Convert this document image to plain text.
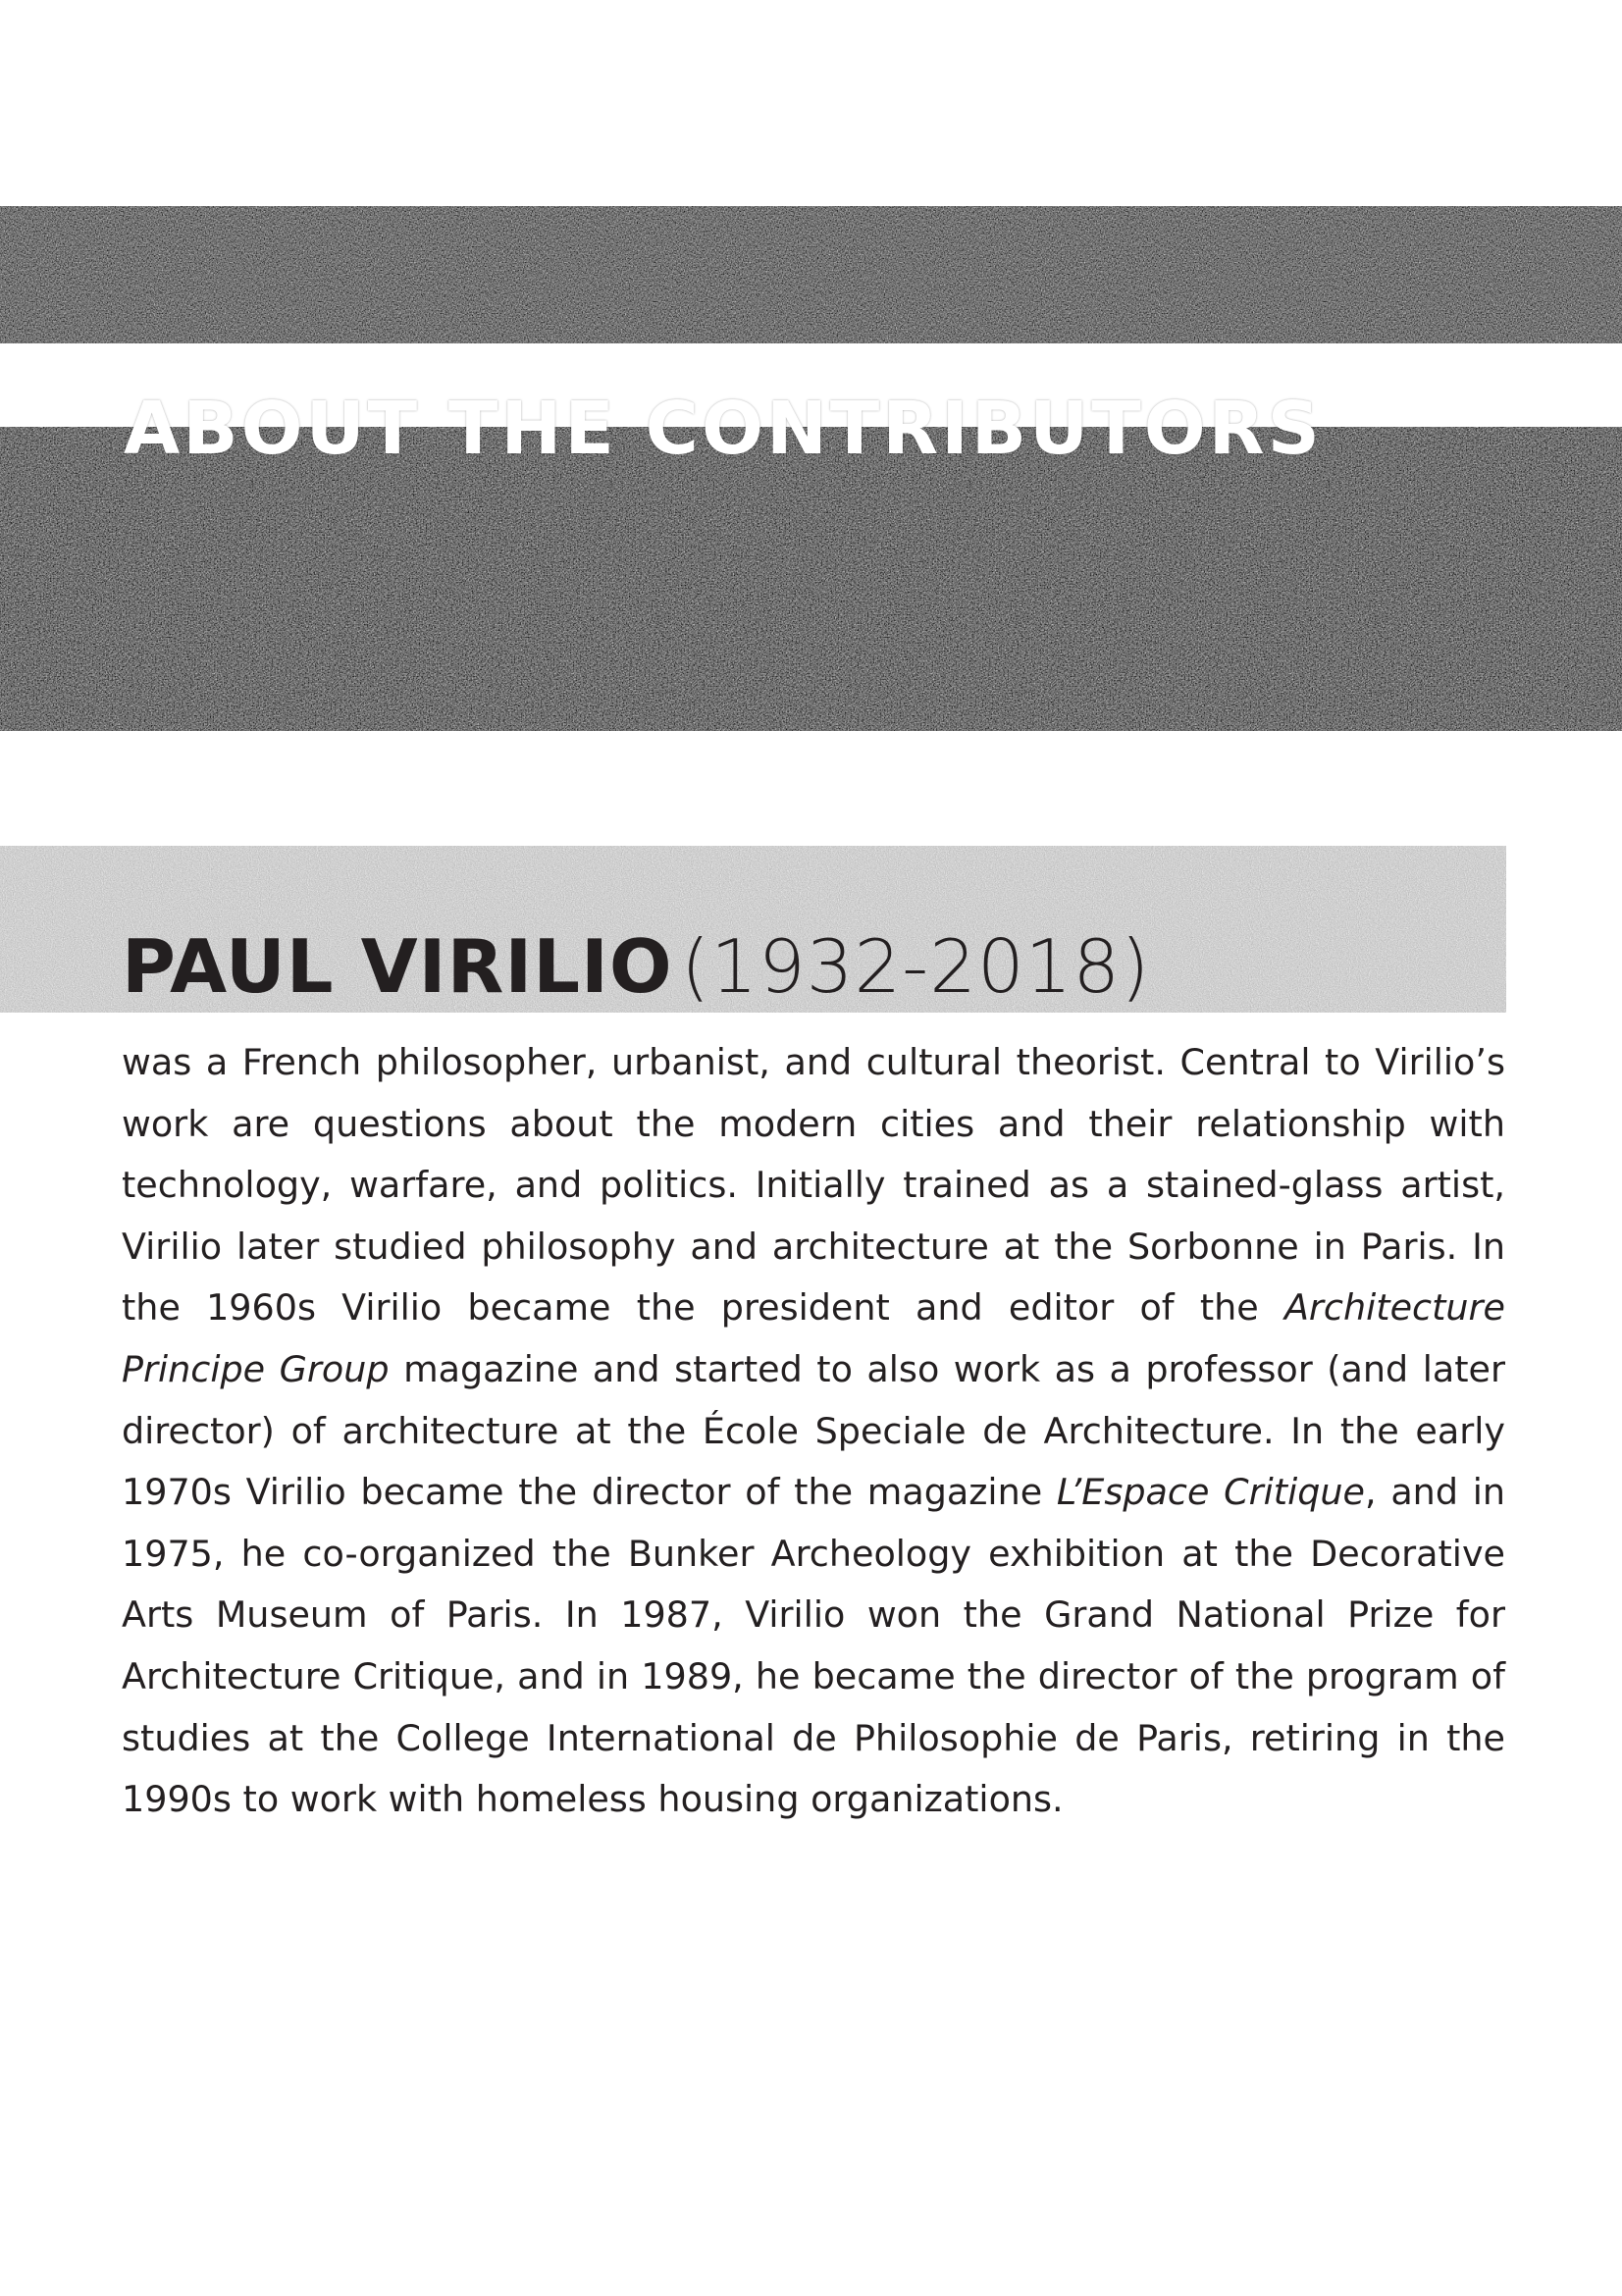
ABOUT THE CONTRIBUTORS
PAUL VIRILIO (1932-2018)

was a French philosopher, urbanist, and cultural theorist. Central to Virilio’s work are questions about the modern cities and their relationship with technology, warfare, and politics. Initially trained as a stained-glass artist, Virilio later studied philosophy and architecture at the Sorbonne in Paris. In the 1960s Virilio became the president and editor of the Architecture Principe Group magazine and started to also work as a professor (and later director) of architecture at the École Speciale de Architecture. In the early 1970s Virilio became the director of the magazine L’Espace Critique, and in 1975, he co-organized the Bunker Archeology exhibition at the Decorative Arts Museum of Paris. In 1987, Virilio won the Grand National Prize for Architecture Critique, and in 1989, he became the director of the program of studies at the College International de Philosophie de Paris, retiring in the 1990s to work with homeless housing organizations.
